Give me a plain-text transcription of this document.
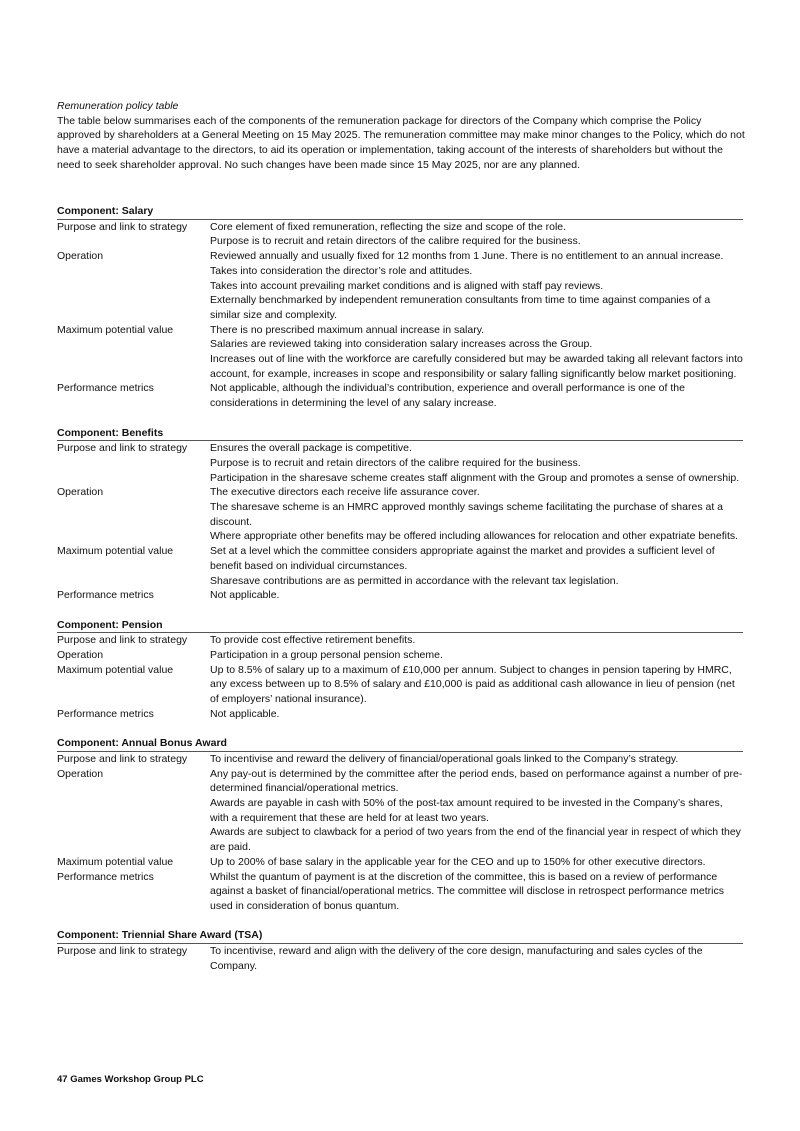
Remuneration policy table

The table below summarises each of the components of the remuneration package for directors of the Company which comprise the Policy approved by shareholders at a General Meeting on 15 May 2025. The remuneration committee may make minor changes to the Policy, which do not have a material advantage to the directors, to aid its operation or implementation, taking account of the interests of shareholders but without the need to seek shareholder approval. No such changes have been made since 15 May 2025, nor are any planned.

Component: Salary
Purpose and link to strategy	Core element of fixed remuneration, reflecting the size and scope of the role.

Purpose is to recruit and retain directors of the calibre required for the business.

Operation	Reviewed annually and usually fixed for 12 months from 1 June. There is no entitlement to an annual increase.

Takes into consideration the director’s role and attitudes.

Takes into account prevailing market conditions and is aligned with staff pay reviews.

Externally benchmarked by independent remuneration consultants from time to time against companies of a similar size and complexity.

Maximum potential value	There is no prescribed maximum annual increase in salary.

Salaries are reviewed taking into consideration salary increases across the Group.

Increases out of line with the workforce are carefully considered but may be awarded taking all relevant factors into account, for example, increases in scope and responsibility or salary falling significantly below market positioning.

Performance metrics	Not applicable, although the individual’s contribution, experience and overall performance is one of the considerations in determining the level of any salary increase.

Component: Benefits
Purpose and link to strategy	Ensures the overall package is competitive.

Purpose is to recruit and retain directors of the calibre required for the business.

Participation in the sharesave scheme creates staff alignment with the Group and promotes a sense of ownership.

Operation	The executive directors each receive life assurance cover.

The sharesave scheme is an HMRC approved monthly savings scheme facilitating the purchase of shares at a discount.

Where appropriate other benefits may be offered including allowances for relocation and other expatriate benefits.

Maximum potential value	Set at a level which the committee considers appropriate against the market and provides a sufficient level of benefit based on individual circumstances.

Sharesave contributions are as permitted in accordance with the relevant tax legislation.

Performance metrics	Not applicable.

Component: Pension
Purpose and link to strategy	To provide cost effective retirement benefits.

Operation	Participation in a group personal pension scheme.

Maximum potential value	Up to 8.5% of salary up to a maximum of £10,000 per annum. Subject to changes in pension tapering by HMRC, any excess between up to 8.5% of salary and £10,000 is paid as additional cash allowance in lieu of pension (net of employers’ national insurance).

Performance metrics	Not applicable.

Component: Annual Bonus Award
Purpose and link to strategy	To incentivise and reward the delivery of financial/operational goals linked to the Company’s strategy.

Operation	Any pay-out is determined by the committee after the period ends, based on performance against a number of pre-determined financial/operational metrics.

Awards are payable in cash with 50% of the post-tax amount required to be invested in the Company’s shares, with a requirement that these are held for at least two years.

Awards are subject to clawback for a period of two years from the end of the financial year in respect of which they are paid.

Maximum potential value	Up to 200% of base salary in the applicable year for the CEO and up to 150% for other executive directors.

Performance metrics	Whilst the quantum of payment is at the discretion of the committee, this is based on a review of performance against a basket of financial/operational metrics. The committee will disclose in retrospect performance metrics used in consideration of bonus quantum.

Component: Triennial Share Award (TSA)
Purpose and link to strategy	To incentivise, reward and align with the delivery of the core design, manufacturing and sales cycles of the Company.

47 Games Workshop Group PLC
